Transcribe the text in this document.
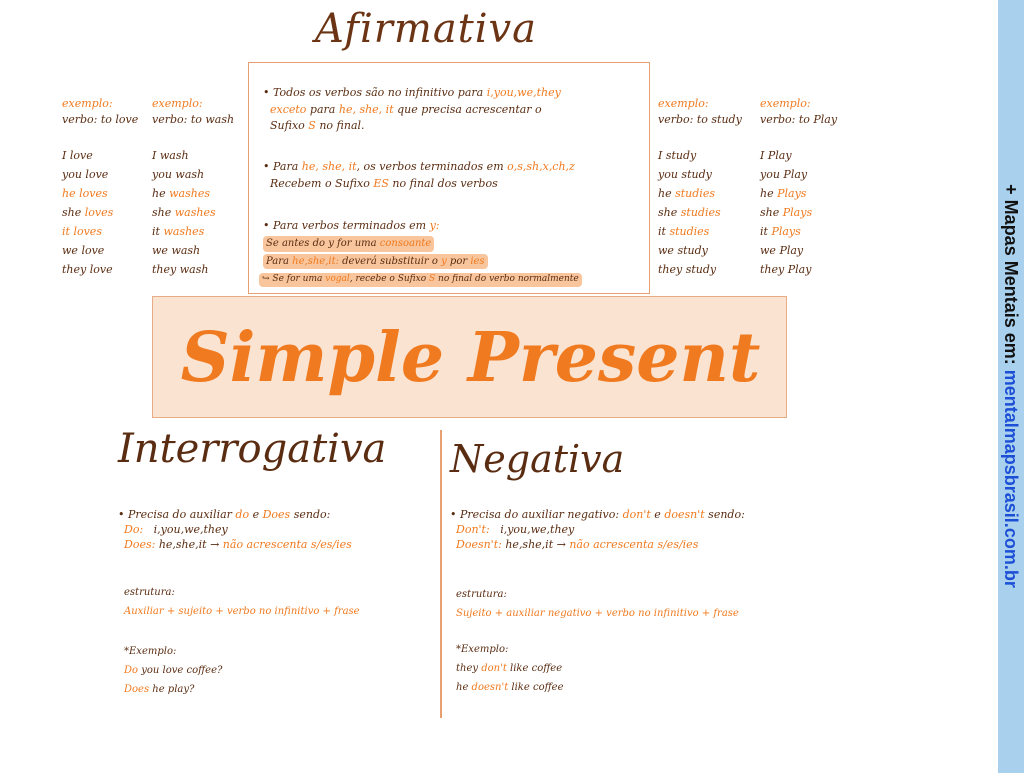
Afirmativa
• Todos os verbos são no infinitivo para i,you,we,they
exceto para he, she, it que precisa acrescentar o
Sufixo S no final.
• Para he, she, it, os verbos terminados em o,s,sh,x,ch,z
Recebem o Sufixo ES no final dos verbos
• Para verbos terminados em y:
Se antes do y for uma consoante
Para he,she,it: deverá substituir o y por ies
↪ Se for uma vogal, recebe o Sufixo S no final do verbo normalmente
exemplo:
verbo: to love
I love
you love
he loves
she loves
it loves
we love
they love
exemplo:
verbo: to wash
I wash
you wash
he washes
she washes
it washes
we wash
they wash
exemplo:
verbo: to study
I study
you study
he studies
she studies
it studies
we study
they study
exemplo:
verbo: to Play
I Play
you Play
he Plays
she Plays
it Plays
we Play
they Play
Simple Present
Interrogativa
• Precisa do auxiliar do e Does sendo:
Do: i,you,we,they
Does: he,she,it → não acrescenta s/es/ies
estrutura:
Auxiliar + sujeito + verbo no infinitivo + frase
*Exemplo:
Do you love coffee?
Does he play?
Negativa
• Precisa do auxiliar negativo: don't e doesn't sendo:
Don't: i,you,we,they
Doesn't: he,she,it → não acrescenta s/es/ies
estrutura:
Sujeito + auxiliar negativo + verbo no infinitivo + frase
*Exemplo:
they don't like coffee
he doesn't like coffee
+ Mapas Mentais em: mentalmapsbrasil.com.br
